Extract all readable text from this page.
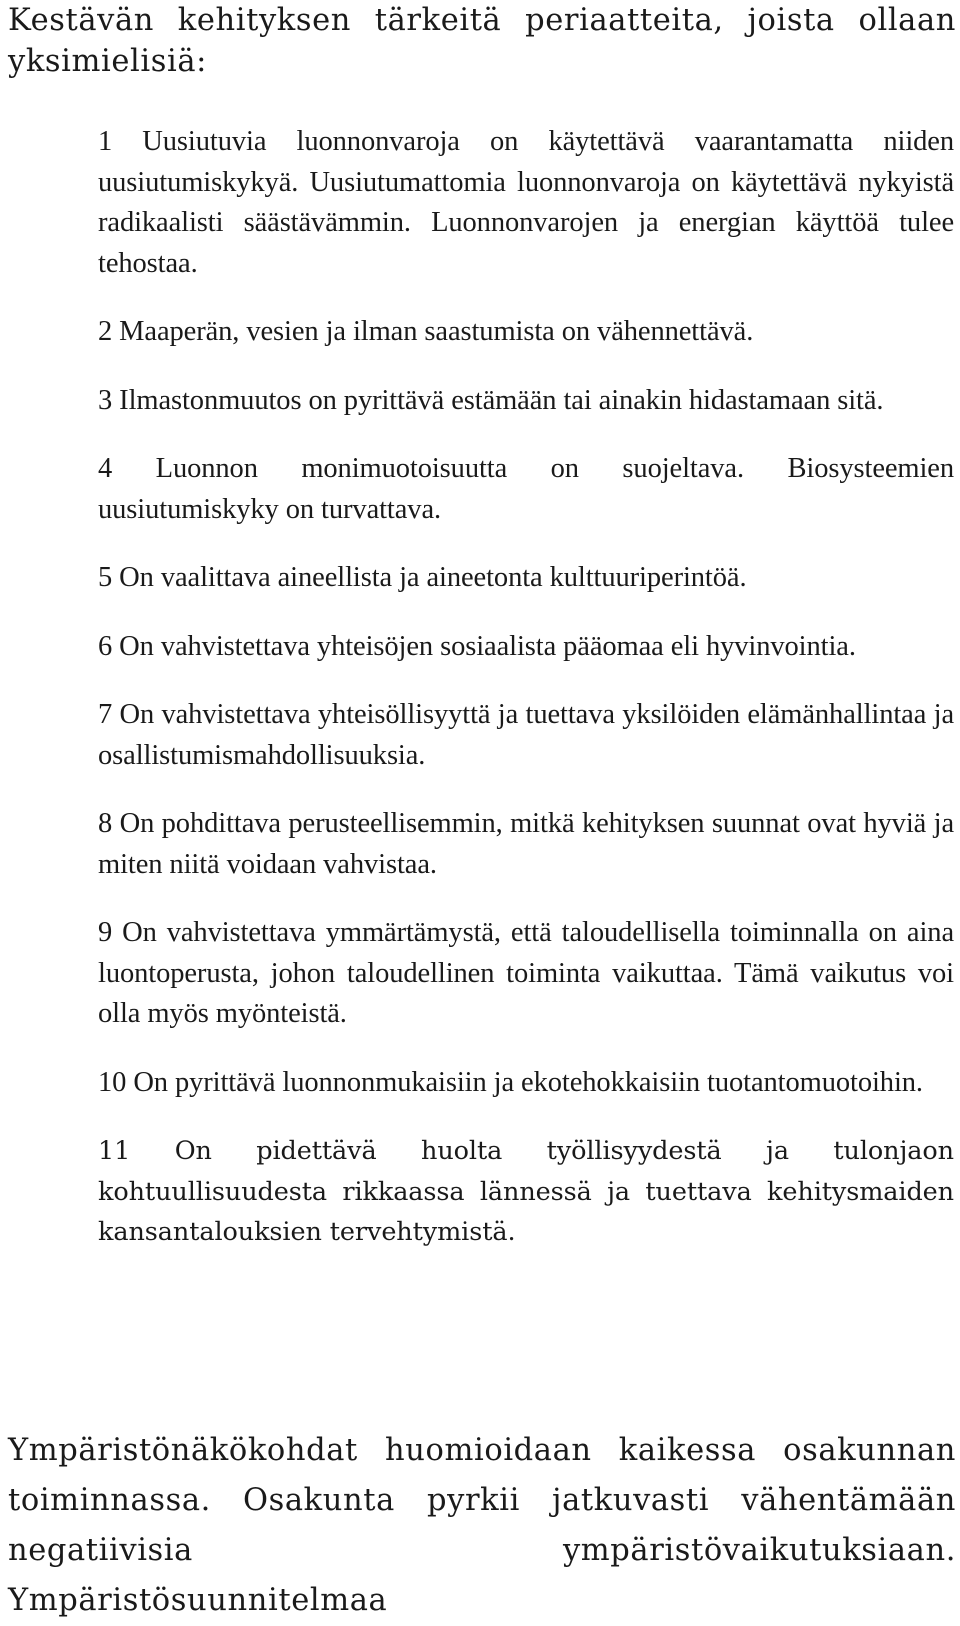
Kestävän kehityksen tärkeitä periaatteita, joista ollaan yksimielisiä:

1 Uusiutuvia luonnonvaroja on käytettävä vaarantamatta niiden uusiutumiskykyä. Uusiutumattomia luonnonvaroja on käytettävä nykyistä radikaalisti säästävämmin. Luonnonvarojen ja energian käyttöä tulee tehostaa.
2 Maaperän, vesien ja ilman saastumista on vähennettävä.
3 Ilmastonmuutos on pyrittävä estämään tai ainakin hidastamaan sitä.
4 Luonnon monimuotoisuutta on suojeltava. Biosysteemien uusiutumiskyky on turvattava.
5 On vaalittava aineellista ja aineetonta kulttuuriperintöä.
6 On vahvistettava yhteisöjen sosiaalista pääomaa eli hyvinvointia.
7 On vahvistettava yhteisöllisyyttä ja tuettava yksilöiden elämänhallintaa ja osallistumismahdollisuuksia.
8 On pohdittava perusteellisemmin, mitkä kehityksen suunnat ovat hyviä ja miten niitä voidaan vahvistaa.
9 On vahvistettava ymmärtämystä, että taloudellisella toiminnalla on aina luontoperusta, johon taloudellinen toiminta vaikuttaa. Tämä vaikutus voi olla myös myönteistä.
10 On pyrittävä luonnonmukaisiin ja ekotehokkaisiin tuotantomuotoihin.
11 On pidettävä huolta työllisyydestä ja tulonjaon kohtuullisuudesta rikkaassa lännessä ja tuettava kehitysmaiden kansantalouksien tervehtymistä.

Ympäristönäkökohdat huomioidaan kaikessa osakunnan toiminnassa. Osakunta pyrkii jatkuvasti vähentämään negatiivisia ympäristövaikutuksiaan. Ympäristösuunnitelmaa
